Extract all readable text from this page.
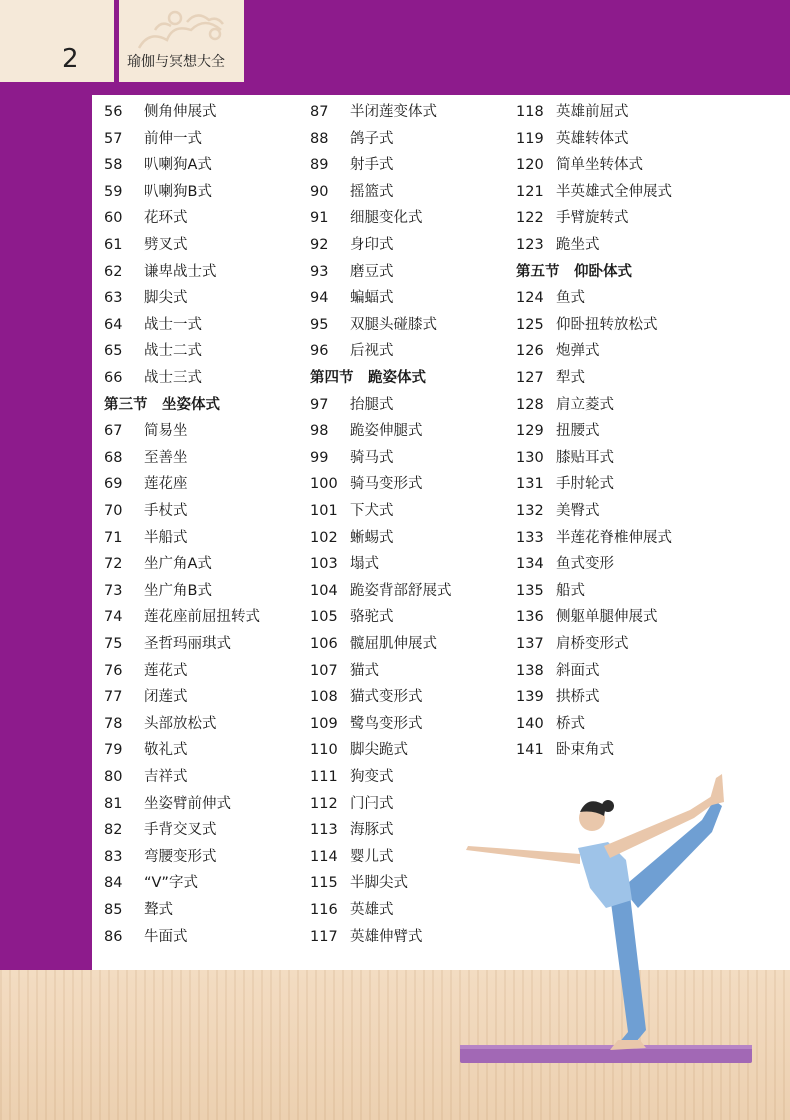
2	瑜伽与冥想大全
56 侧角伸展式
57 前伸一式
58 叭喇狗A式
59 叭喇狗B式
60 花环式
61 劈叉式
62 谦卑战士式
63 脚尖式
64 战士一式
65 战士二式
66 战士三式
第三节　坐姿体式
67 简易坐
68 至善坐
69 莲花座
70 手杖式
71 半船式
72 坐广角A式
73 坐广角B式
74 莲花座前屈扭转式
75 圣哲玛丽琪式
76 莲花式
77 闭莲式
78 头部放松式
79 敬礼式
80 吉祥式
81 坐姿臂前伸式
82 手背交叉式
83 弯腰变形式
84 “V”字式
85 聱式
86 牛面式
87 半闭莲变体式
88 鸽子式
89 射手式
90 摇篮式
91 细腿变化式
92 身印式
93 磨豆式
94 蝙蝠式
95 双腿头碰膝式
96 后视式
第四节　跪姿体式
97 抬腿式
98 跪姿伸腿式
99 骑马式
100 骑马变形式
101 下犬式
102 蜥蜴式
103 塌式
104 跪姿背部舒展式
105 骆驼式
106 髋屈肌伸展式
107 猫式
108 猫式变形式
109 鹭鸟变形式
110 脚尖跪式
111 狗变式
112 门闩式
113 海豚式
114 婴儿式
115 半脚尖式
116 英雄式
117 英雄伸臂式
118 英雄前屈式
119 英雄转体式
120 简单坐转体式
121 半英雄式全伸展式
122 手臂旋转式
123 跪坐式
第五节　仰卧体式
124 鱼式
125 仰卧扭转放松式
126 炮弹式
127 犁式
128 肩立菱式
129 扭腰式
130 膝贴耳式
131 手肘轮式
132 美臀式
133 半莲花脊椎伸展式
134 鱼式变形
135 船式
136 侧躯单腿伸展式
137 肩桥变形式
138 斜面式
139 拱桥式
140 桥式
141 卧束角式
